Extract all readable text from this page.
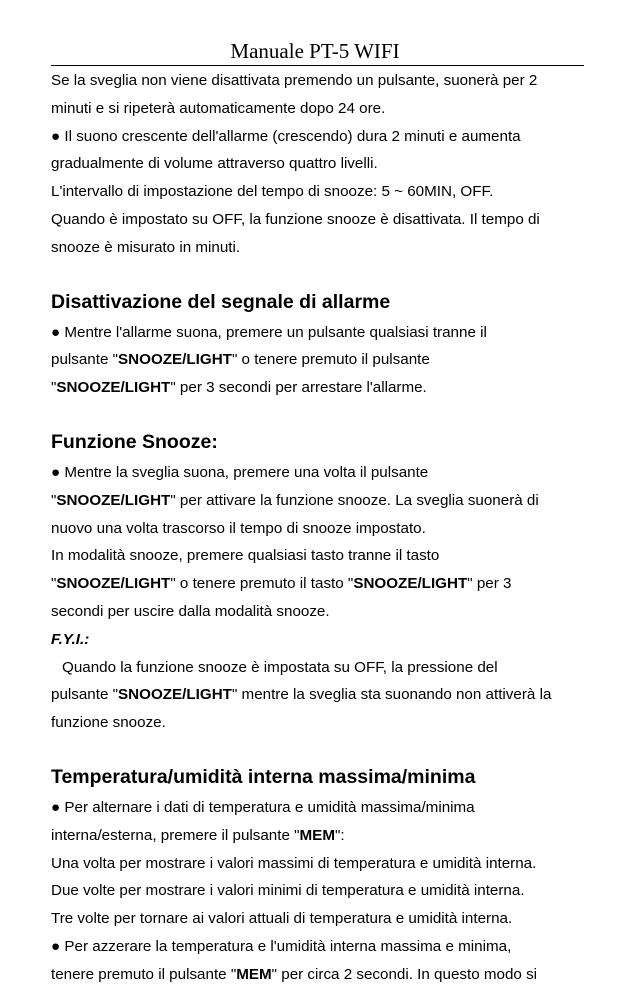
Manuale PT-5 WIFI
Se la sveglia non viene disattivata premendo un pulsante, suonerà per 2
minuti e si ripeterà automaticamente dopo 24 ore.
● Il suono crescente dell'allarme (crescendo) dura 2 minuti e aumenta
gradualmente di volume attraverso quattro livelli.
L'intervallo di impostazione del tempo di snooze: 5 ~ 60MIN, OFF.
Quando è impostato su OFF, la funzione snooze è disattivata. Il tempo di
snooze è misurato in minuti.
Disattivazione del segnale di allarme
● Mentre l'allarme suona, premere un pulsante qualsiasi tranne il
pulsante "SNOOZE/LIGHT" o tenere premuto il pulsante
"SNOOZE/LIGHT" per 3 secondi per arrestare l'allarme.
Funzione Snooze:
● Mentre la sveglia suona, premere una volta il pulsante
"SNOOZE/LIGHT" per attivare la funzione snooze. La sveglia suonerà di
nuovo una volta trascorso il tempo di snooze impostato.
In modalità snooze, premere qualsiasi tasto tranne il tasto
"SNOOZE/LIGHT" o tenere premuto il tasto "SNOOZE/LIGHT" per 3
secondi per uscire dalla modalità snooze.
F.Y.I.:
Quando la funzione snooze è impostata su OFF, la pressione del
pulsante "SNOOZE/LIGHT" mentre la sveglia sta suonando non attiverà la
funzione snooze.
Temperatura/umidità interna massima/minima
● Per alternare i dati di temperatura e umidità massima/minima
interna/esterna, premere il pulsante "MEM":
Una volta per mostrare i valori massimi di temperatura e umidità interna.
Due volte per mostrare i valori minimi di temperatura e umidità interna.
Tre volte per tornare ai valori attuali di temperatura e umidità interna.
● Per azzerare la temperatura e l'umidità interna massima e minima,
tenere premuto il pulsante "MEM" per circa 2 secondi. In questo modo si
